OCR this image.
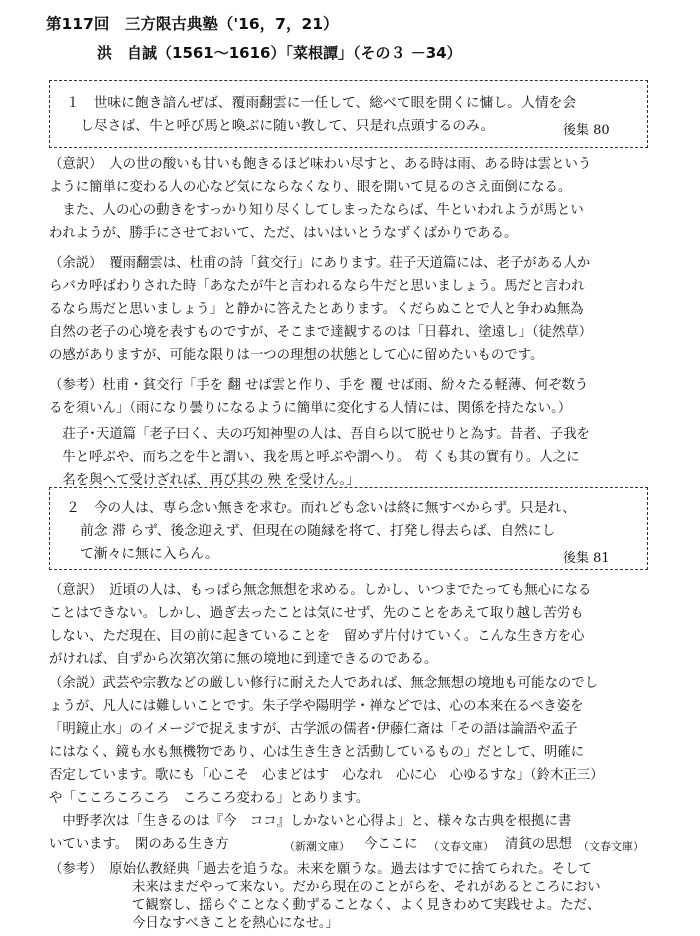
第117回　三方限古典塾（'16，7，21）
洪　自誠（1561〜1616）「菜根譚」（その３ －34）
１　世味に飽き諳んぜば、覆雨翻雲に一任して、総べて眼を開くに慵し。人情を会
し尽さば、牛と呼び馬と喚ぶに随い教して、只是れ点頭するのみ。	後集 80
（意訳）　人の世の酸いも甘いも飽きるほど味わい尽すと、ある時は雨、ある時は雲という
ように簡単に変わる人の心など気にならなくなり、眼を開いて見るのさえ面倒になる。
　また、人の心の動きをすっかり知り尽くしてしまったならば、牛といわれようが馬とい
われようが、勝手にさせておいて、ただ、はいはいとうなずくばかりである。
（余説）　覆雨翻雲は、杜甫の詩「貧交行」にあります。荘子天道篇には、老子がある人か
らバカ呼ばわりされた時「あなたが牛と言われるなら牛だと思いましょう。馬だと言われ
るなら馬だと思いましょう」と静かに答えたとあります。くだらぬことで人と争わぬ無為
自然の老子の心境を表すものですが、そこまで達観するのは「日暮れ、塗遠し」（徒然草）
の感がありますが、可能な限りは一つの理想の状態として心に留めたいものです。
（参考）杜甫・貧交行「手を 翻 せば雲と作り、手を 覆 せば雨、紛々たる軽薄、何ぞ数う
るを須いん」（雨になり曇りになるように簡単に変化する人情には、関係を持たない。）
　荘子･天道篇「老子曰く、夫の巧知神聖の人は、吾自ら以て脱せりと為す。昔者、子我を
　牛と呼ぶや、而ち之を牛と謂い、我を馬と呼ぶや謂へり。 苟 くも其の實有り。人之に
　名を與へて受けざれば、再び其の 殃 を受けん。」
２　今の人は、専ら念い無きを求む。而れども念いは終に無すべからず。只是れ、
前念 滞 らず、後念迎えず、但現在の随縁を将て、打発し得去らば、自然にし
て漸々に無に入らん。	後集 81
（意訳）　近頃の人は、もっぱら無念無想を求める。しかし、いつまでたっても無心になる
ことはできない。しかし、過ぎ去ったことは気にせず、先のことをあえて取り越し苦労も
しない、ただ現在、目の前に起きていることを　留めず片付けていく。こんな生き方を心
がければ、自ずから次第次第に無の境地に到達できるのである。
（余説）武芸や宗教などの厳しい修行に耐えた人であれば、無念無想の境地も可能なのでし
ょうが、凡人には難しいことです。朱子学や陽明学・禅などでは、心の本来在るべき姿を
「明鏡止水」のイメージで捉えますが、古学派の儒者･伊藤仁斎は「その語は論語や孟子
にはなく、鏡も水も無機物であり、心は生き生きと活動しているもの」だとして、明確に
否定しています。歌にも「心こそ　心まどはす　心なれ　心に心　心ゆるすな」（鈴木正三）
や「こころころころ　ころころ変わる」とあります。
　中野孝次は「生きるのは『今　ココ』しかないと心得よ」と、様々な古典を根拠に書
いています。　閑のある生き方	（新潮文庫） 今ここに （文春文庫） 清貧の思想 （文春文庫）
（参考）　原始仏教経典「過去を追うな。未来を願うな。過去はすでに捨てられた。そして
未来はまだやって来ない。だから現在のことがらを、それがあるところにおい
て観察し、揺らぐことなく動ずることなく、よく見きわめて実践せよ。ただ、
今日なすべきことを熱心になせ。」
